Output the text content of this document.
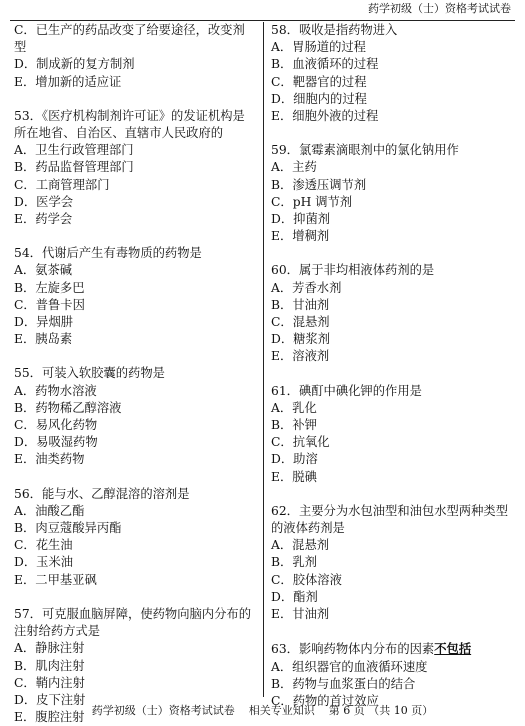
药学初级（士）资格考试试卷

C．已生产的药品改变了给要途径，改变剂型

D．制成新的复方制剂

E．增加新的适应证

53．《医疗机构制剂许可证》的发证机构是所在地省、自治区、直辖市人民政府的

A．卫生行政管理部门

B．药品监督管理部门

C．工商管理部门

D．医学会

E．药学会

54．代谢后产生有毒物质的药物是

A．氨茶碱

B．左旋多巴

C．普鲁卡因

D．异烟肼

E．胰岛素

55．可装入软胶囊的药物是

A．药物水溶液

B．药物稀乙醇溶液

C．易风化药物

D．易吸湿药物

E．油类药物

56．能与水、乙醇混溶的溶剂是

A．油酸乙酯

B．肉豆蔻酸异丙酯

C．花生油

D．玉米油

E．二甲基亚砜

57．可克服血脑屏障，使药物向脑内分布的注射给药方式是

A．静脉注射

B．肌肉注射

C．鞘内注射

D．皮下注射

E．腹腔注射

58．吸收是指药物进入

A．胃肠道的过程

B．血液循环的过程

C．靶器官的过程

D．细胞内的过程

E．细胞外液的过程

59．氯霉素滴眼剂中的氯化钠用作

A．主药

B．渗透压调节剂

C．pH 调节剂

D．抑菌剂

E．增稠剂

60．属于非均相液体药剂的是

A．芳香水剂

B．甘油剂

C．混悬剂

D．糖浆剂

E．溶液剂

61．碘酊中碘化钾的作用是

A．乳化

B．补钾

C．抗氧化

D．助溶

E．脱碘

62．主要分为水包油型和油包水型两种类型的液体药剂是

A．混悬剂

B．乳剂

C．胶体溶液

D．酯剂

E．甘油剂

63．影响药物体内分布的因素不包括

A．组织器官的血液循环速度

B．药物与血浆蛋白的结合

C．药物的首过效应

药学初级（士）资格考试试卷    相关专业知识    第 6 页 （共 10 页）
